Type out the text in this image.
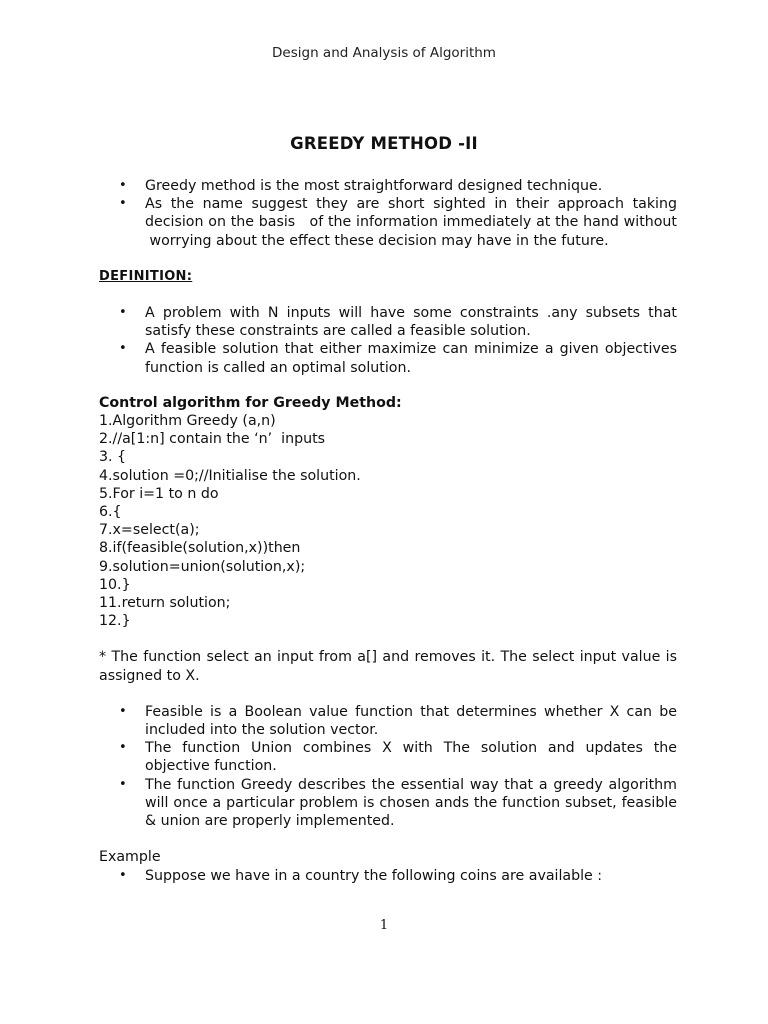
Design and Analysis of Algorithm
GREEDY METHOD -II
• Greedy method is the most straightforward designed technique.
• As the name suggest they are short sighted in their approach taking decision on the basis   of the information immediately at the hand without  worrying about the effect these decision may have in the future.
DEFINITION:
• A problem with N inputs will have some constraints .any subsets that satisfy these constraints are called a feasible solution.
• A feasible solution that either maximize can minimize a given objectives function is called an optimal solution.
Control algorithm for Greedy Method:
1.Algorithm Greedy (a,n)
2.//a[1:n] contain the ‘n’  inputs
3. {
4.solution =0;//Initialise the solution.
5.For i=1 to n do
6.{
7.x=select(a);
8.if(feasible(solution,x))then
9.solution=union(solution,x);
10.}
11.return solution;
12.}
* The function select an input from a[] and removes it. The select input value is assigned to X.
• Feasible is a Boolean value function that determines whether X can be included into the solution vector.
• The function Union combines X with The solution and updates the objective function.
• The function Greedy describes the essential way that a greedy algorithm will once a particular problem is chosen ands the function subset, feasible & union are properly implemented.
Example
• Suppose we have in a country the following coins are available :
1
